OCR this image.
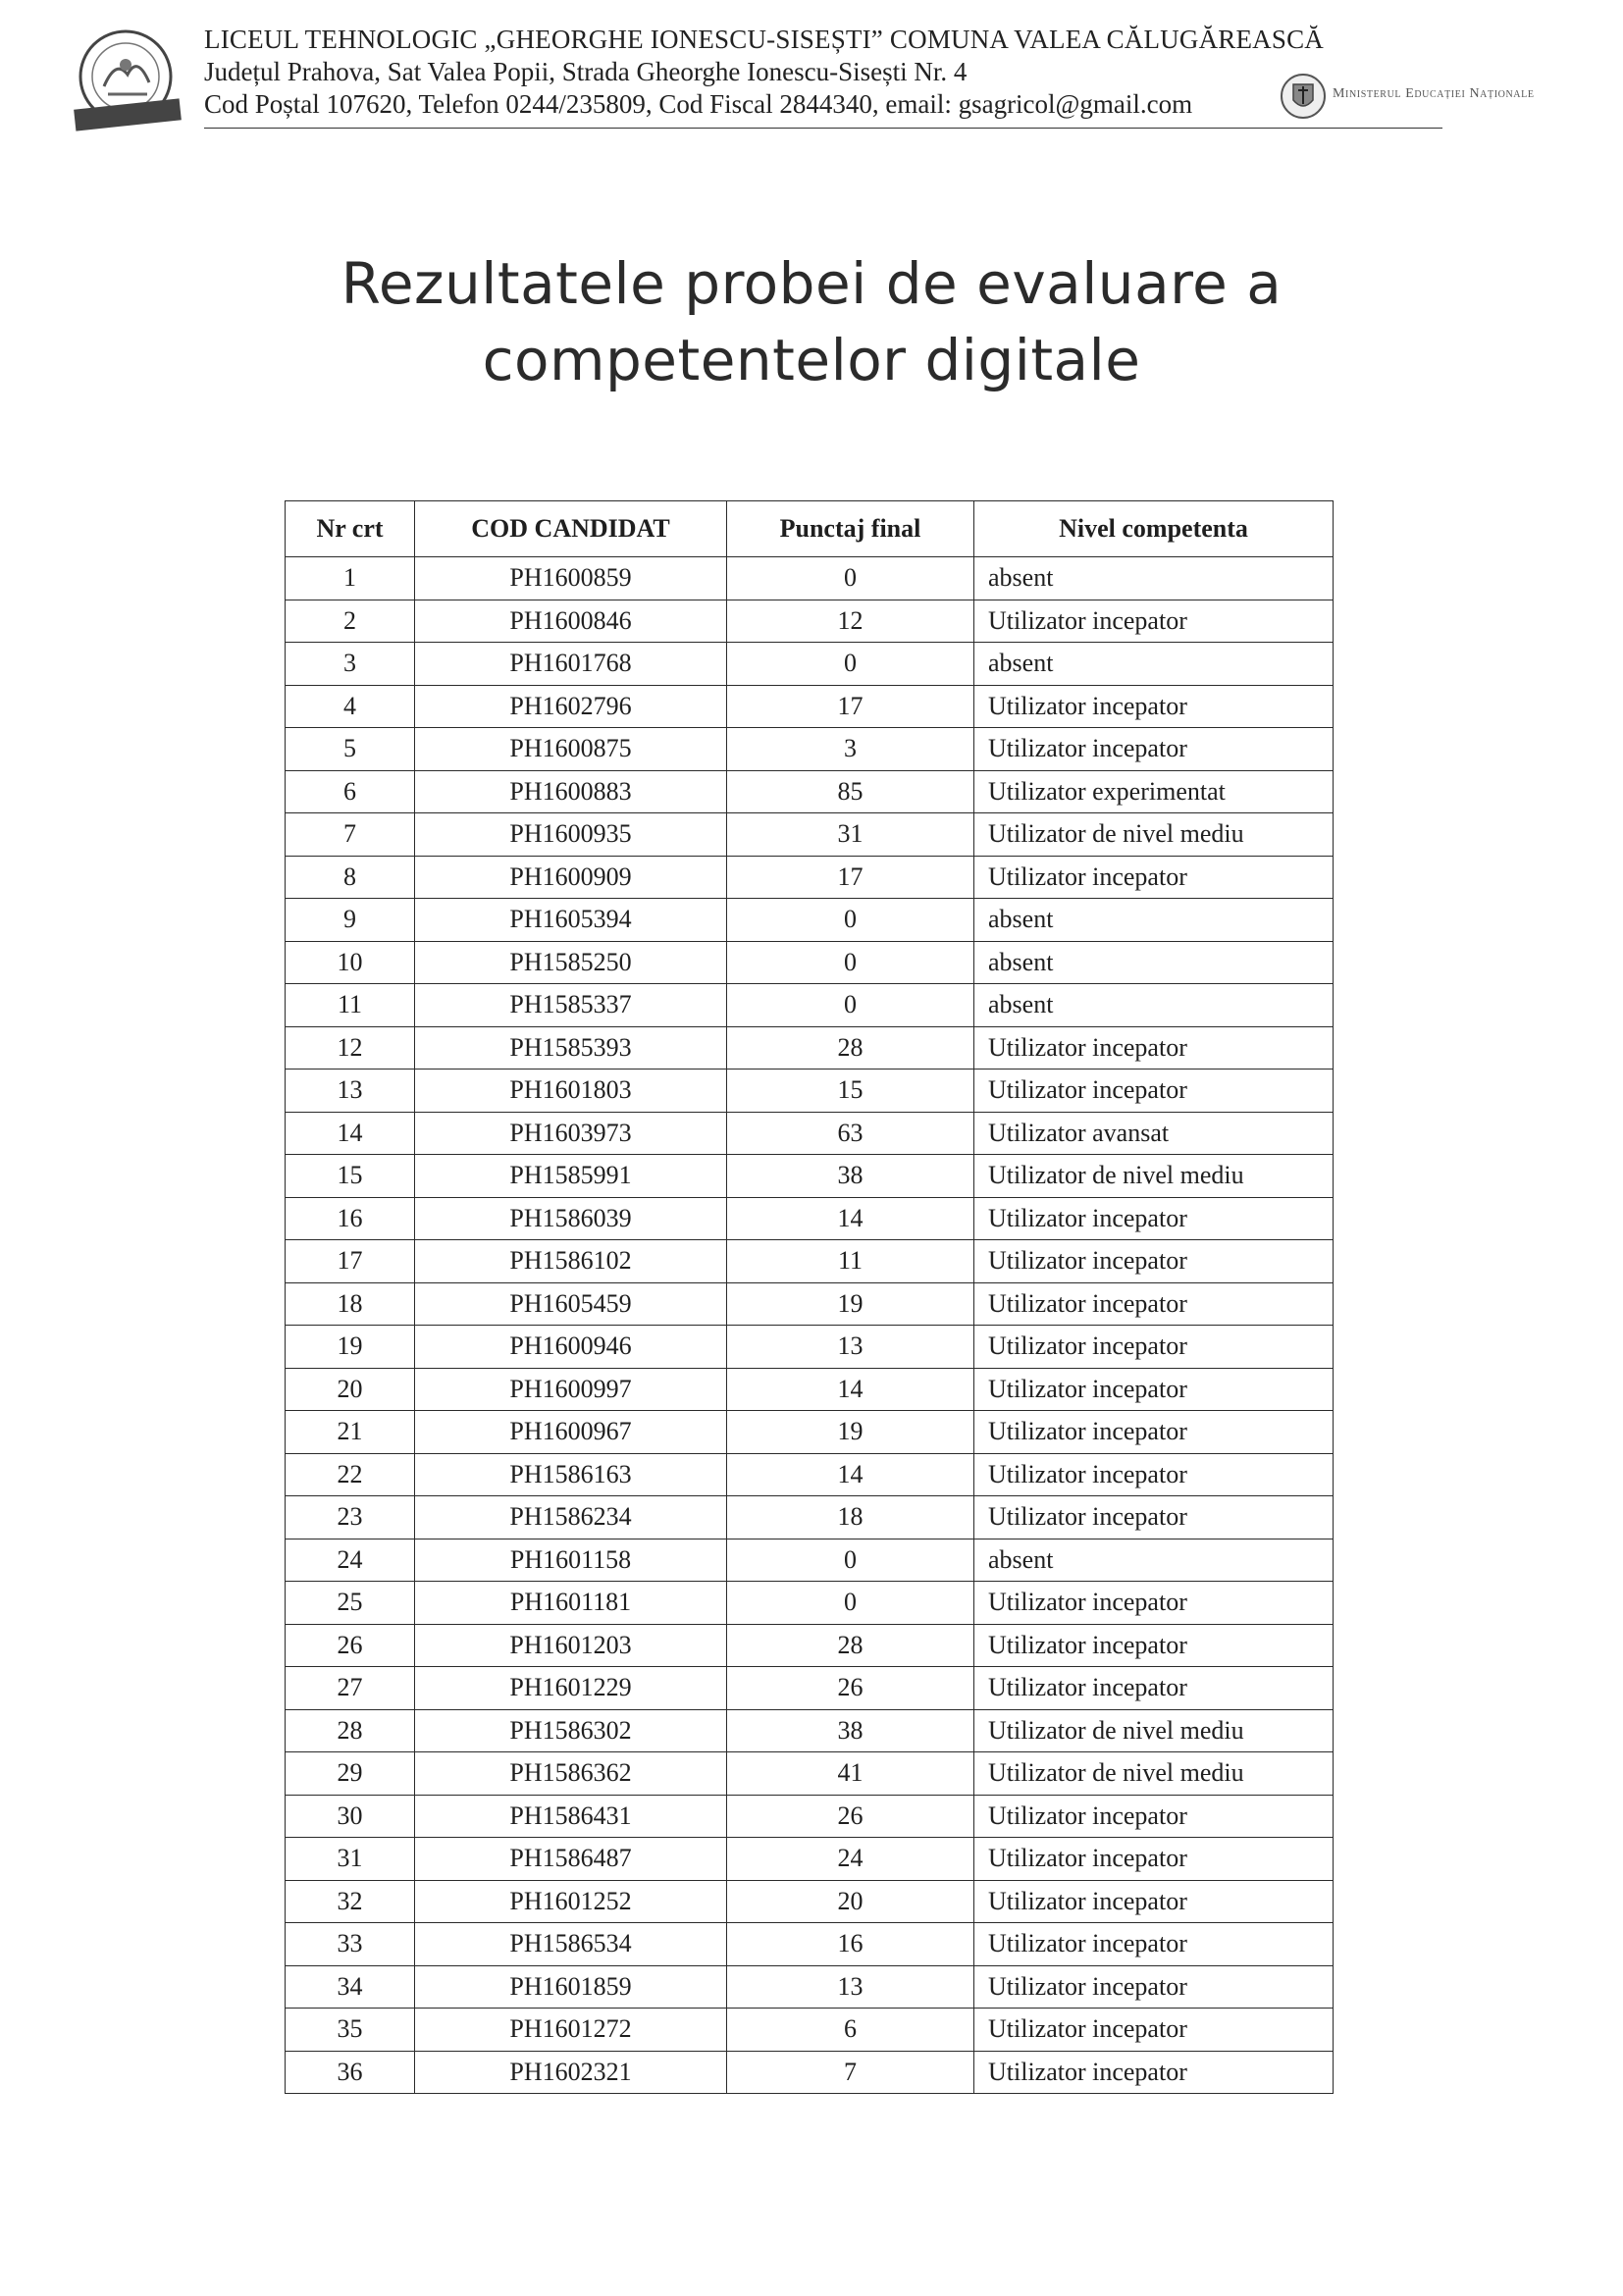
LICEUL TEHNOLOGIC „GHEORGHE IONESCU-SISEȘTI” COMUNA VALEA CĂLUGĂREASCĂ
Județul Prahova, Sat Valea Popii, Strada Gheorghe Ionescu-Sisești Nr. 4
Cod Poștal 107620, Telefon 0244/235809, Cod Fiscal 2844340, email: gsagricol@gmail.com	Ministerul Educației Naționale
Rezultatele probei de evaluare a
competentelor digitale
Nr crt	COD CANDIDAT	Punctaj final	Nivel competenta
1	PH1600859	0	absent
2	PH1600846	12	Utilizator incepator
3	PH1601768	0	absent
4	PH1602796	17	Utilizator incepator
5	PH1600875	3	Utilizator incepator
6	PH1600883	85	Utilizator experimentat
7	PH1600935	31	Utilizator de nivel mediu
8	PH1600909	17	Utilizator incepator
9	PH1605394	0	absent
10	PH1585250	0	absent
11	PH1585337	0	absent
12	PH1585393	28	Utilizator incepator
13	PH1601803	15	Utilizator incepator
14	PH1603973	63	Utilizator avansat
15	PH1585991	38	Utilizator de nivel mediu
16	PH1586039	14	Utilizator incepator
17	PH1586102	11	Utilizator incepator
18	PH1605459	19	Utilizator incepator
19	PH1600946	13	Utilizator incepator
20	PH1600997	14	Utilizator incepator
21	PH1600967	19	Utilizator incepator
22	PH1586163	14	Utilizator incepator
23	PH1586234	18	Utilizator incepator
24	PH1601158	0	absent
25	PH1601181	0	Utilizator incepator
26	PH1601203	28	Utilizator incepator
27	PH1601229	26	Utilizator incepator
28	PH1586302	38	Utilizator de nivel mediu
29	PH1586362	41	Utilizator de nivel mediu
30	PH1586431	26	Utilizator incepator
31	PH1586487	24	Utilizator incepator
32	PH1601252	20	Utilizator incepator
33	PH1586534	16	Utilizator incepator
34	PH1601859	13	Utilizator incepator
35	PH1601272	6	Utilizator incepator
36	PH1602321	7	Utilizator incepator
